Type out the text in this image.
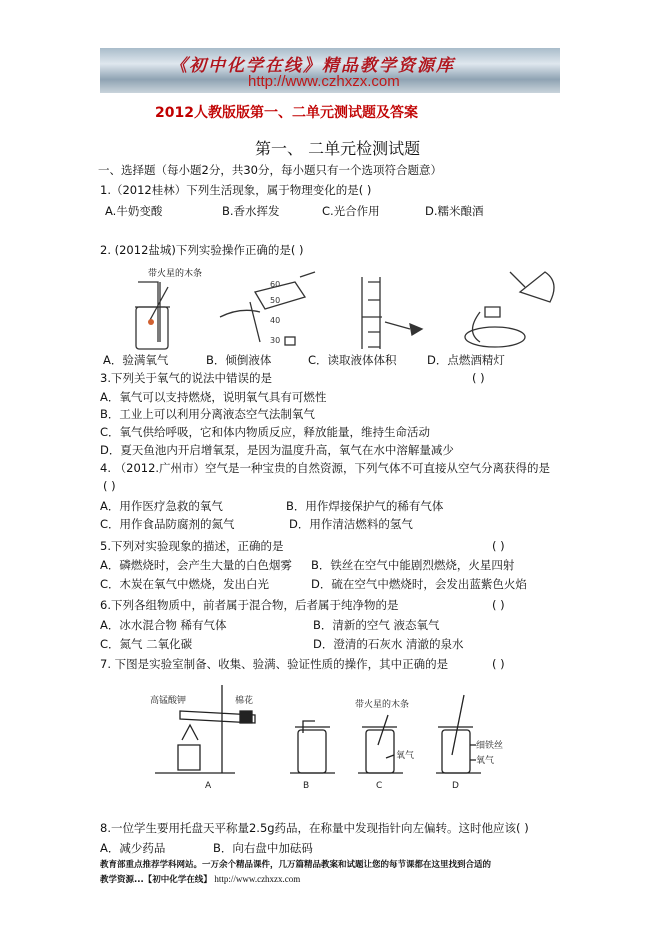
《初中化学在线》精品教学资源库
http://www.czhxzx.com
2012人教版版第一、二单元测试题及答案
第一、 二单元检测试题
一、选择题（每小题2分，共30分，每小题只有一个选项符合题意）
1.（2012桂林）下列生活现象，属于物理变化的是( )
A.牛奶变酸	B.香水挥发	C.光合作用	D.糯米酿酒
2. (2012盐城)下列实验操作正确的是( )
带火星的木条
60
50
40
30
A．验满氧气	B．倾倒液体	C．读取液体体积	D．点燃酒精灯
3.下列关于氧气的说法中错误的是	( )
A．氧气可以支持燃烧，说明氧气具有可燃性
B．工业上可以利用分离液态空气法制氧气
C．氧气供给呼吸，它和体内物质反应，释放能量，维持生命活动
D．夏天鱼池内开启增氧泵，是因为温度升高，氧气在水中溶解量减少
4. （2012.广州市）空气是一种宝贵的自然资源，下列气体不可直接从空气分离获得的是
( )
A．用作医疗急救的氧气	B．用作焊接保护气的稀有气体
C．用作食品防腐剂的氮气	D．用作清洁燃料的氢气
5.下列对实验现象的描述，正确的是	( )
A．磷燃烧时，会产生大量的白色烟雾 B．铁丝在空气中能剧烈燃烧，火星四射
C．木炭在氧气中燃烧，发出白光	D．硫在空气中燃烧时，会发出蓝紫色火焰
6.下列各组物质中，前者属于混合物，后者属于纯净物的是	( )
A．冰水混合物 稀有气体	B．清新的空气 液态氧气
C．氮气 二氧化碳	D．澄清的石灰水 清澈的泉水
7. 下图是实验室制备、收集、验满、验证性质的操作，其中正确的是	( )
高锰酸钾	棉花
A	B
带火星的木条
氧气
C
细铁丝
氧气
D
8.一位学生要用托盘天平称量2.5g药品，在称量中发现指针向左偏转。这时他应该( )
A．减少药品	B．向右盘中加砝码
教育部重点推荐学科网站。一万余个精品课件，几万篇精品教案和试题让您的每节课都在这里找到合适的
教学资源...【初中化学在线】 http://www.czhxzx.com
